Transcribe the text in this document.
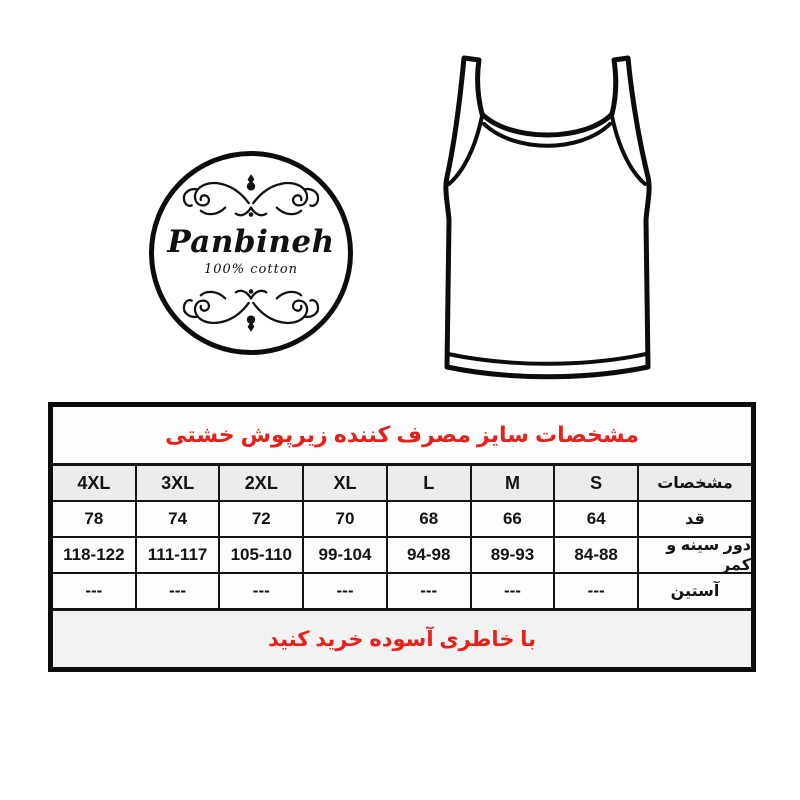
Panbineh
100% cotton
مشخصات سایز مصرف کننده زیرپوش خشتی
مشخصات
S
M
L
XL
2XL
3XL
4XL
قد
64
66
68
70
72
74
78
دور سینه و کمر
84-88
89-93
94-98
99-104
105-110
111-117
118-122
آستین
---
---
---
---
---
---
---
با خاطری آسوده خرید کنید
